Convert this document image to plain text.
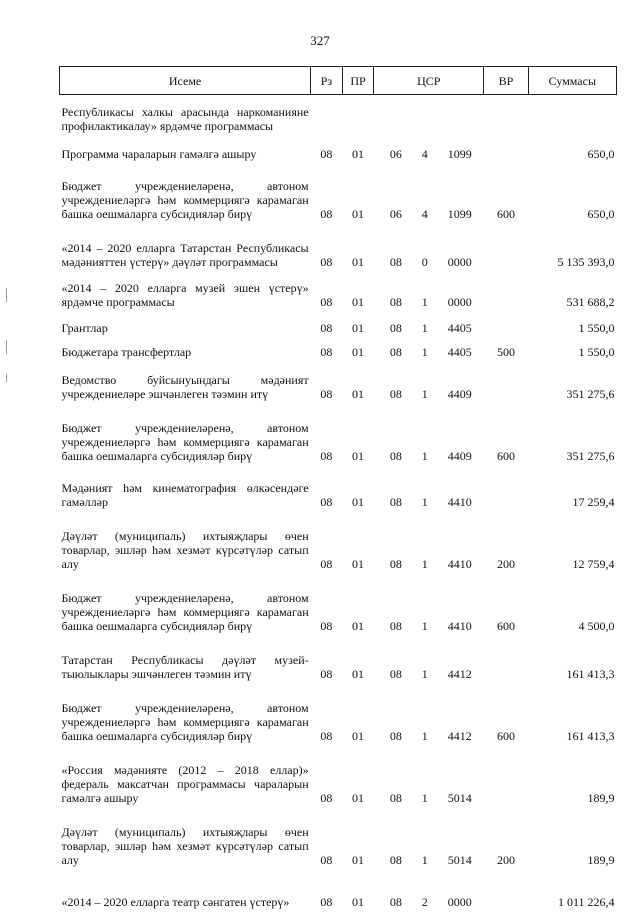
327
Исеме	Рз	ПР	ЦСР	ВР	Суммасы
Республикасы халкы арасында наркоманияне профилактикалау» ярдәмче программасы			

Программа чараларын гамәлгә ашыру	08	01	06 4 1099		650,0
Бюджет учреждениеләренә, автоном учреждениеләргә һәм коммерциягә карамаган башка оешмаларга субсидияләр бирү	08	01	06 4 1099	600	650,0
«2014 – 2020 елларга Татарстан Республикасы мәдәнияттен үстерү» дәүләт программасы	08	01	08 0 0000		5 135 393,0
«2014 – 2020 елларга музей эшен үстерү» ярдәмче программасы	08	01	08 1 0000		531 688,2
Грантлар	08	01	08 1 4405		1 550,0
Бюджетара трансфертлар	08	01	08 1 4405	500	1 550,0
Ведомство буйсынуындагы мәдәният учреждениеләре эшчәнлеген тәэмин итү	08	01	08 1 4409		351 275,6
Бюджет учреждениеләренә, автоном учреждениеләргә һәм коммерциягә карамаган башка оешмаларга субсидияләр бирү	08	01	08 1 4409	600	351 275,6
Мәдәният һәм кинематография өлкәсендәге гамәлләр	08	01	08 1 4410		17 259,4
Дәүләт (муниципаль) ихтыяҗлары өчен товарлар, эшләр һәм хезмәт күрсәтүләр сатып алу	08	01	08 1 4410	200	12 759,4
Бюджет учреждениеләренә, автоном учреждениеләргә һәм коммерциягә карамаган башка оешмаларга субсидияләр бирү	08	01	08 1 4410	600	4 500,0
Татарстан Республикасы дәүләт музей-тыюлыклары эшчәнлеген тәэмин итү	08	01	08 1 4412		161 413,3
Бюджет учреждениеләренә, автоном учреждениеләргә һәм коммерциягә карамаган башка оешмаларга субсидияләр бирү	08	01	08 1 4412	600	161 413,3
«Россия мәдәнияте (2012 – 2018 еллар)» федераль максатчан программасы чараларын гамәлгә ашыру	08	01	08 1 5014		189,9
Дәүләт (муниципаль) ихтыяҗлары өчен товарлар, эшләр һәм хезмәт күрсәтүләр сатып алу	08	01	08 1 5014	200	189,9
«2014 – 2020 елларга театр сәнгатен үстерү»	08	01	08 2 0000		1 011 226,4
